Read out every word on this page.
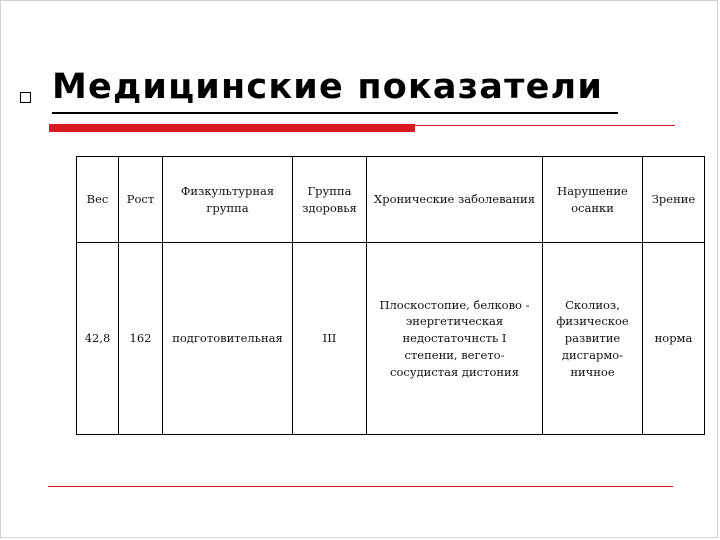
Медицинские показатели
Вес	Рост	Физкультурная группа	Группа здоровья	Хронические заболевания	Нарушение осанки	Зрение
42,8	162	подготовительная	III	Плоскостопие, белково - энергетическая недостаточнсть I степени, вегето-сосудистая дистония	Сколиоз, физическое развитие дисгармо-ничное	норма
